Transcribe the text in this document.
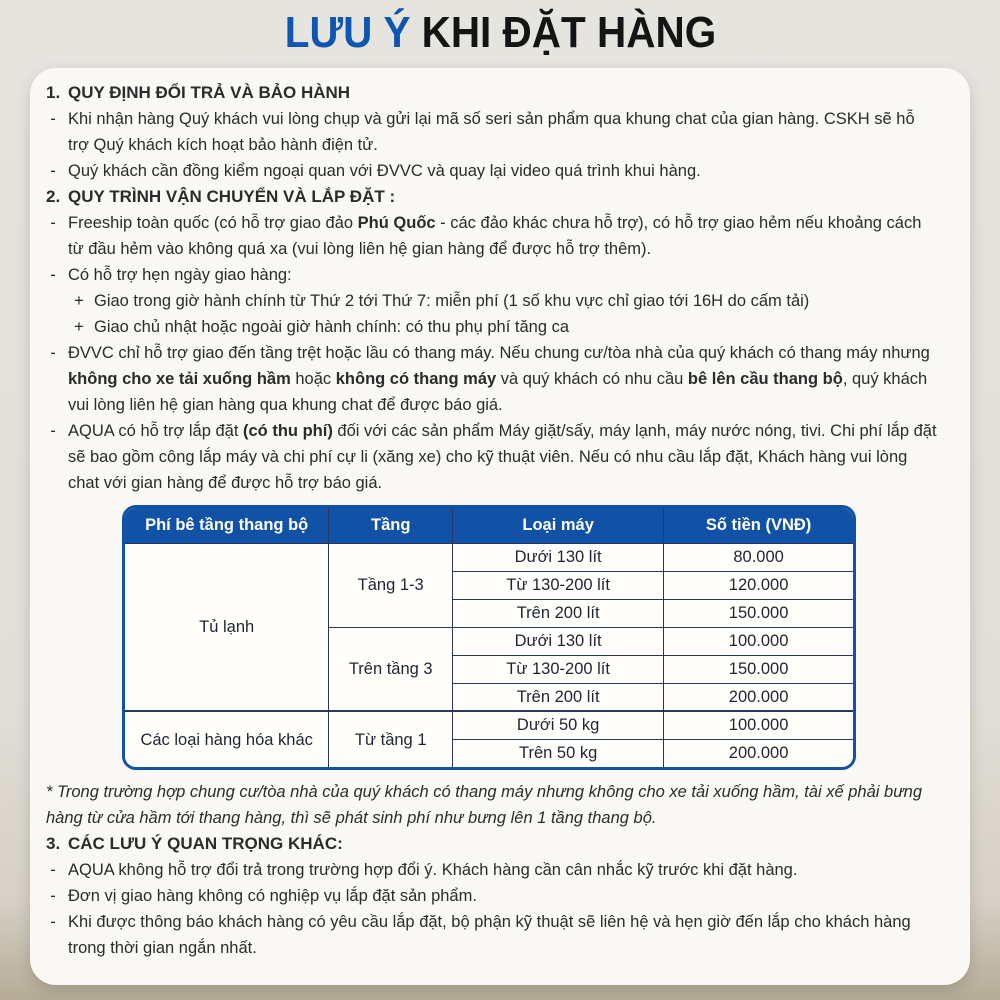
LƯU Ý KHI ĐẶT HÀNG
1. QUY ĐỊNH ĐỔI TRẢ VÀ BẢO HÀNH
- Khi nhận hàng Quý khách vui lòng chụp và gửi lại mã số seri sản phẩm qua khung chat của gian hàng. CSKH sẽ hỗ trợ Quý khách kích hoạt bảo hành điện tử.
- Quý khách cần đồng kiểm ngoại quan với ĐVVC và quay lại video quá trình khui hàng.
2. QUY TRÌNH VẬN CHUYỂN VÀ LẮP ĐẶT :
- Freeship toàn quốc (có hỗ trợ giao đảo Phú Quốc - các đảo khác chưa hỗ trợ), có hỗ trợ giao hẻm nếu khoảng cách từ đầu hẻm vào không quá xa (vui lòng liên hệ gian hàng để được hỗ trợ thêm).
- Có hỗ trợ hẹn ngày giao hàng:
+ Giao trong giờ hành chính từ Thứ 2 tới Thứ 7: miễn phí (1 số khu vực chỉ giao tới 16H do cấm tải)
+ Giao chủ nhật hoặc ngoài giờ hành chính: có thu phụ phí tăng ca
- ĐVVC chỉ hỗ trợ giao đến tầng trệt hoặc lầu có thang máy. Nếu chung cư/tòa nhà của quý khách có thang máy nhưng không cho xe tải xuống hầm hoặc không có thang máy và quý khách có nhu cầu bê lên cầu thang bộ, quý khách vui lòng liên hệ gian hàng qua khung chat để được báo giá.
- AQUA có hỗ trợ lắp đặt (có thu phí) đối với các sản phẩm Máy giặt/sấy, máy lạnh, máy nước nóng, tivi. Chi phí lắp đặt sẽ bao gồm công lắp máy và chi phí cự li (xăng xe) cho kỹ thuật viên. Nếu có nhu cầu lắp đặt, Khách hàng vui lòng chat với gian hàng để được hỗ trợ báo giá.
Phí bê tầng thang bộ	Tầng	Loại máy	Số tiền (VNĐ)
Tủ lạnh	Tầng 1-3	Dưới 130 lít	80.000
		Từ 130-200 lít	120.000
		Trên 200 lít	150.000
	Trên tầng 3	Dưới 130 lít	100.000
		Từ 130-200 lít	150.000
		Trên 200 lít	200.000
Các loại hàng hóa khác	Từ tầng 1	Dưới 50 kg	100.000
		Trên 50 kg	200.000
* Trong trường hợp chung cư/tòa nhà của quý khách có thang máy nhưng không cho xe tải xuống hầm, tài xế phải bưng hàng từ cửa hầm tới thang hàng, thì sẽ phát sinh phí như bưng lên 1 tầng thang bộ.
3. CÁC LƯU Ý QUAN TRỌNG KHÁC:
- AQUA không hỗ trợ đổi trả trong trường hợp đổi ý. Khách hàng cần cân nhắc kỹ trước khi đặt hàng.
- Đơn vị giao hàng không có nghiệp vụ lắp đặt sản phẩm.
- Khi được thông báo khách hàng có yêu cầu lắp đặt, bộ phận kỹ thuật sẽ liên hệ và hẹn giờ đến lắp cho khách hàng trong thời gian ngắn nhất.
